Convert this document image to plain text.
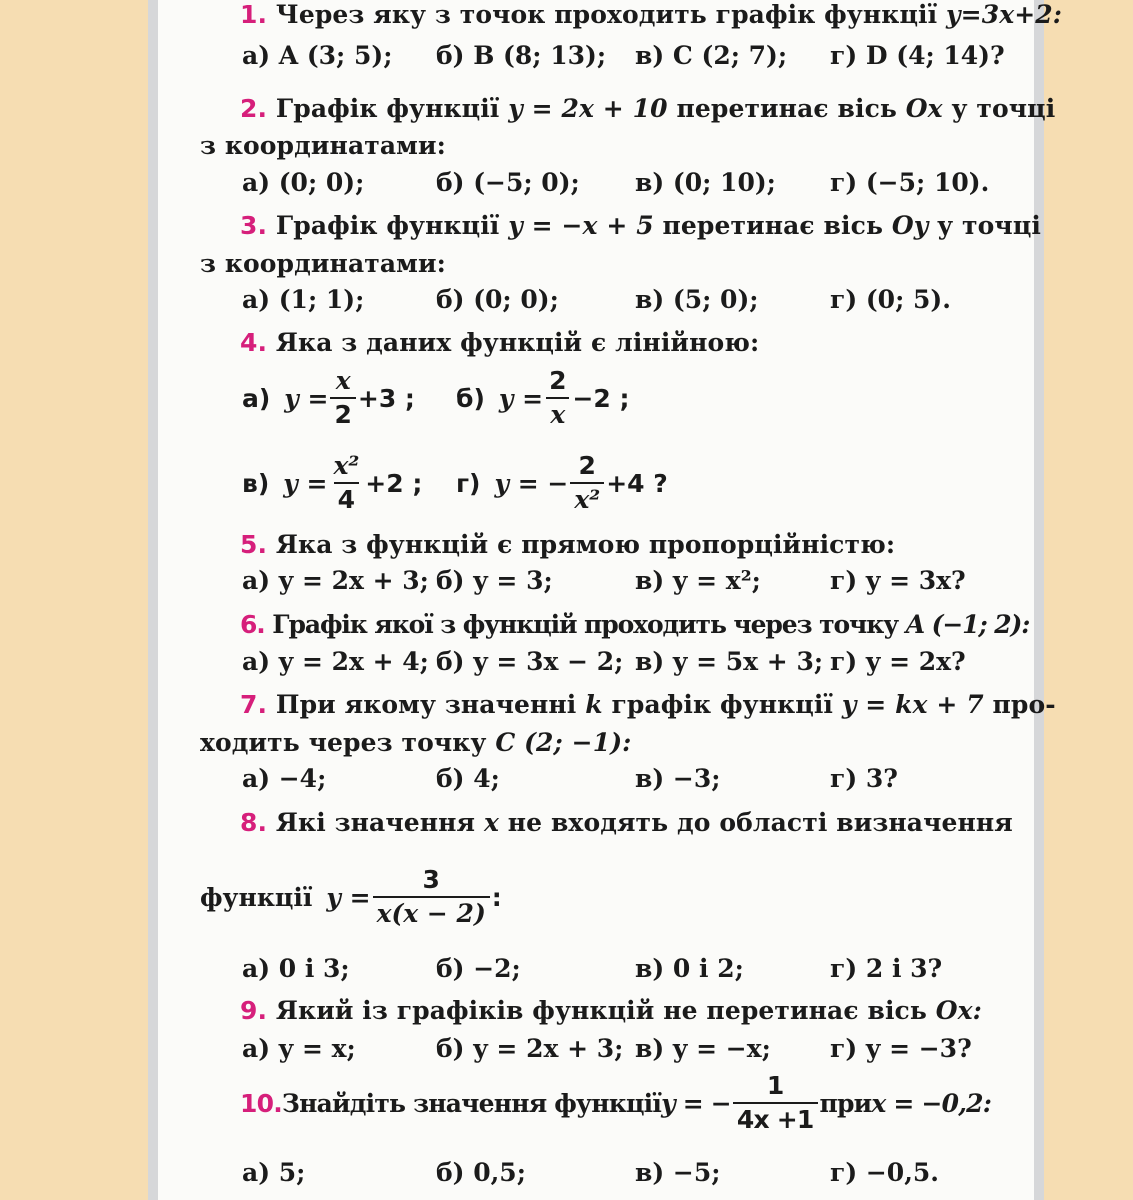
1. Через яку з точок проходить графік функції y=3x+2:
а) A (3; 5); б) B (8; 13); в) C (2; 7); г) D (4; 14)?
2. Графік функції y = 2x + 10 перетинає вісь Ox у точці
з координатами:
а) (0; 0);	б) (−5; 0); в) (0; 10); г) (−5; 10).
3. Графік функції y = −x + 5 перетинає вісь Oy у точці
з координатами:
а) (1; 1);	б) (0; 0);	в) (5; 0);	г) (0; 5).
4. Яка з даних функцій є лінійною:
а) $y = \frac{x}{2} +3$ ; б) $y = \frac{2}{x} -2$ ;
в) $y = \frac{\text{x²}}{4} +2$ ; г) y = − $\frac{2}{\text{x²}} +4$ ?
5. Яка з функцій є прямою пропорційністю:
а) y = 2x + 3; б) y = 3;	в) y = x²;	г) y = 3x?
6. Графік якої з функцій проходить через точку A (−1; 2):
а) y = 2x + 4; б) y = 3x − 2; в) y = 5x + 3; г) y = 2x?
7. При якому значенні k графік функції y = kx + 7 про-
ходить через точку C (2; −1):
а) −4;	б) 4;	в) −3;	г) 3?
8. Які значення x не входять до області визначення
функції $y = \frac{3}{x(x - 2)}$ :
а) 0 і 3;	б) −2;	в) 0 і 2;	г) 2 і 3?
9. Який із графіків функцій не перетинає вісь Ox:
а) y = x;	б) y = 2x + 3; в) y = −x; г) y = −3?
10. Знайдіть значення функції y = − $\frac{1}{4x +1}$ при x = −0,2:
а) 5;	б) 0,5;	в) −5;	г) −0,5.
